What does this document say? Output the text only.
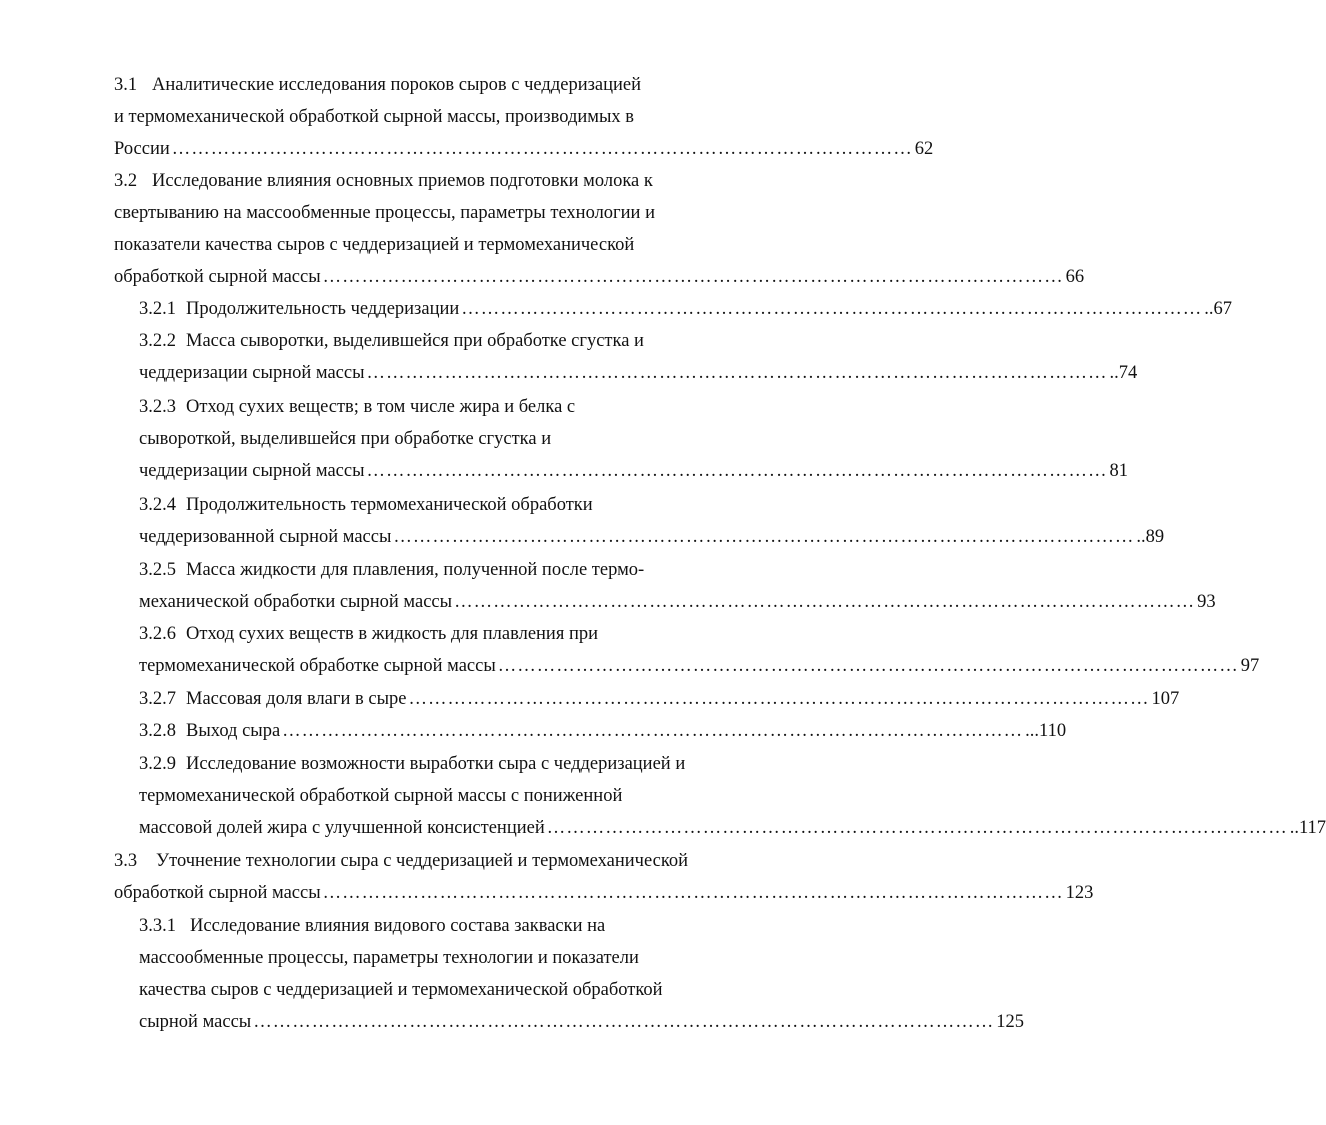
3.1 Аналитические исследования пороков сыров с чеддеризацией
и термомеханической обработкой сырной массы, производимых в
России …………………………………………………………………………………………………… 62
3.2 Исследование влияния основных приемов подготовки молока к
свертыванию на массообменные процессы, параметры технологии и
показатели качества сыров с чеддеризацией и термомеханической
обработкой сырной массы …………………………………………………………………………………………………… 66
3.2.1 Продолжительность чеддеризации …………………………………………………………………………………………………… ..67
3.2.2 Масса сыворотки, выделившейся при обработке сгустка и
чеддеризации сырной массы …………………………………………………………………………………………………… ..74
3.2.3 Отход сухих веществ; в том числе жира и белка с
сывороткой, выделившейся при обработке сгустка и
чеддеризации сырной массы …………………………………………………………………………………………………… 81
3.2.4 Продолжительность термомеханической обработки
чеддеризованной сырной массы …………………………………………………………………………………………………… ..89
3.2.5 Масса жидкости для плавления, полученной после термо-
механической обработки сырной массы …………………………………………………………………………………………………… 93
3.2.6 Отход сухих веществ в жидкость для плавления при
термомеханической обработке сырной массы …………………………………………………………………………………………………… 97
3.2.7 Массовая доля влаги в сыре …………………………………………………………………………………………………… 107
3.2.8 Выход сыра …………………………………………………………………………………………………… ...110
3.2.9 Исследование возможности выработки сыра с чеддеризацией и
термомеханической обработкой сырной массы с пониженной
массовой долей жира с улучшенной консистенцией …………………………………………………………………………………………………… ..117
3.3 Уточнение технологии сыра с чеддеризацией и термомеханической
обработкой сырной массы …………………………………………………………………………………………………… 123
3.3.1 Исследование влияния видового состава закваски на
массообменные процессы, параметры технологии и показатели
качества сыров с чеддеризацией и термомеханической обработкой
сырной массы …………………………………………………………………………………………………… 125
